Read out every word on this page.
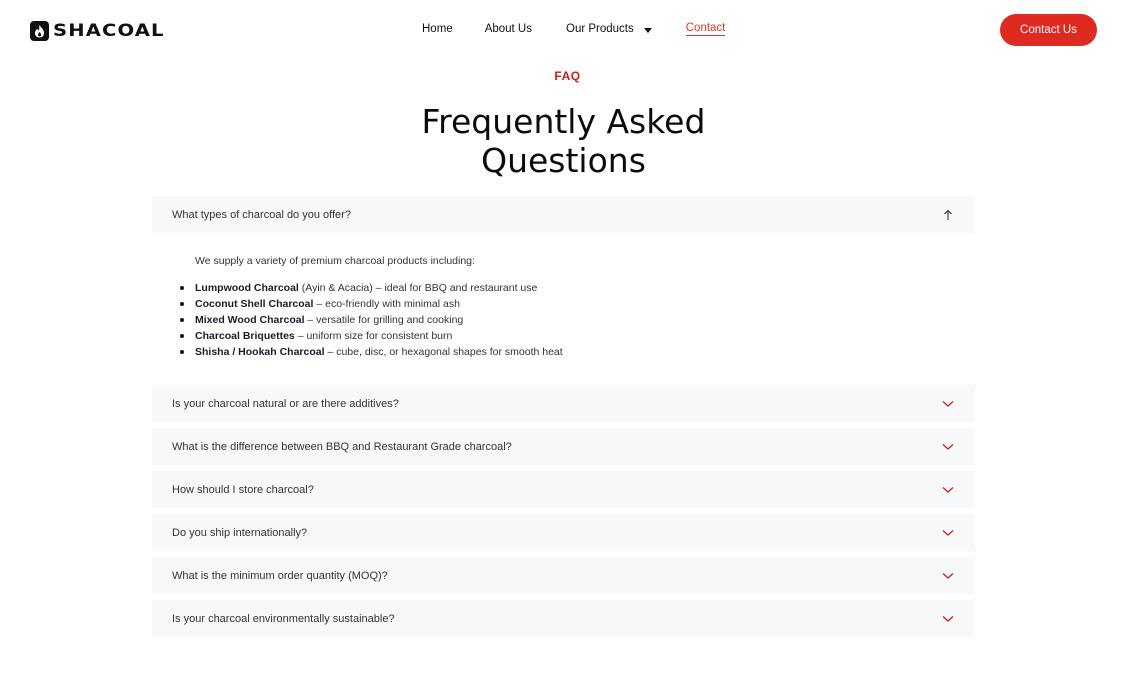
SHACOAL	Home	About Us	Our Products	Contact	Contact Us
FAQ
Frequently Asked
Questions
What types of charcoal do you offer?

We supply a variety of premium charcoal products including:

Lumpwood Charcoal (Ayin & Acacia) – ideal for BBQ and restaurant use
Coconut Shell Charcoal – eco-friendly with minimal ash
Mixed Wood Charcoal – versatile for grilling and cooking
Charcoal Briquettes – uniform size for consistent burn
Shisha / Hookah Charcoal – cube, disc, or hexagonal shapes for smooth heat
Is your charcoal natural or are there additives?
What is the difference between BBQ and Restaurant Grade charcoal?
How should I store charcoal?
Do you ship internationally?
What is the minimum order quantity (MOQ)?
Is your charcoal environmentally sustainable?
